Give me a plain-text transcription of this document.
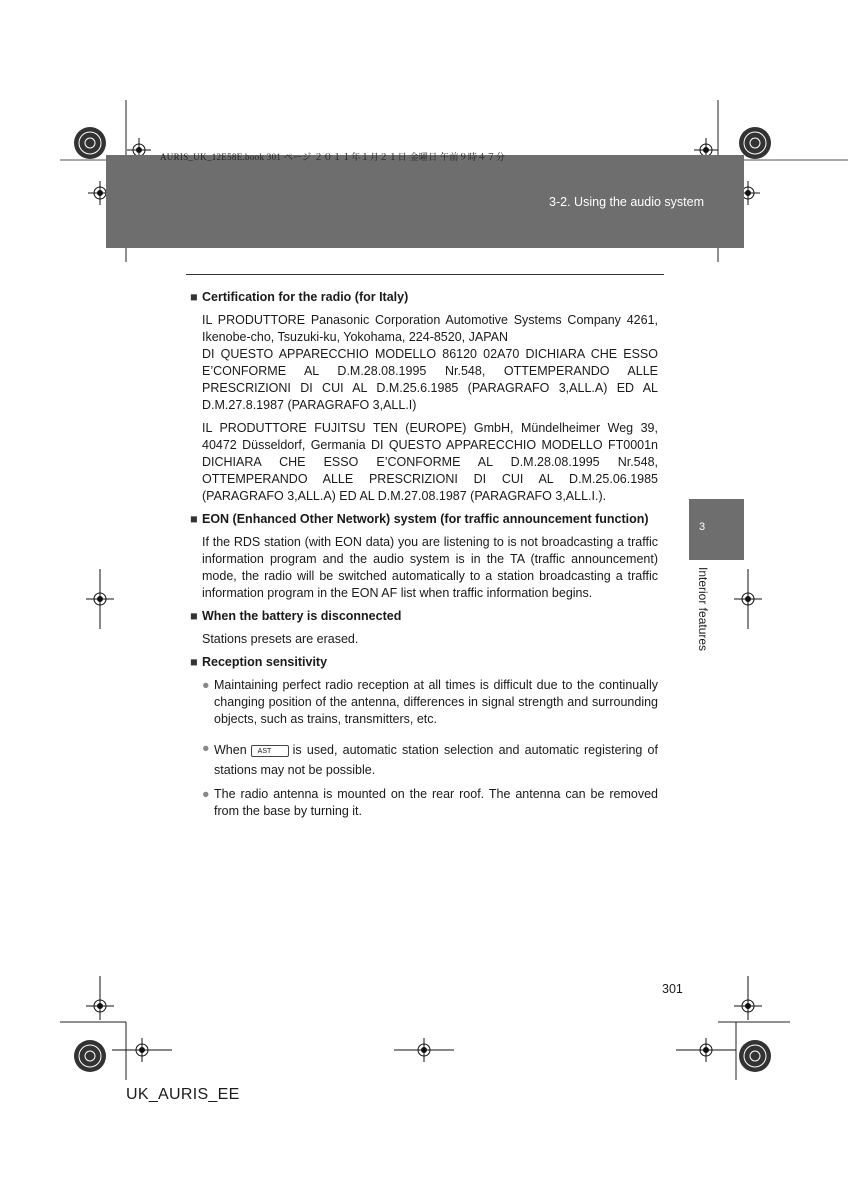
AURIS_UK_12E58E.book 301 ページ ２０１１年１月２１日 金曜日 午前９時４７分
3-2. Using the audio system
3
Interior features
■ Certification for the radio (for Italy)
IL PRODUTTORE Panasonic Corporation Automotive Systems Company 4261, Ikenobe-cho, Tsuzuki-ku, Yokohama, 224-8520, JAPAN
DI QUESTO APPARECCHIO MODELLO 86120 02A70 DICHIARA CHE ESSO E’CONFORME AL D.M.28.08.1995 Nr.548, OTTEMPERANDO ALLE PRESCRIZIONI DI CUI AL D.M.25.6.1985 (PARAGRAFO 3,ALL.A) ED AL D.M.27.8.1987 (PARAGRAFO 3,ALL.I)
IL PRODUTTORE FUJITSU TEN (EUROPE) GmbH, Mündelheimer Weg 39, 40472 Düsseldorf, Germania DI QUESTO APPARECCHIO MODELLO FT0001n DICHIARA CHE ESSO E’CONFORME AL D.M.28.08.1995 Nr.548, OTTEMPERANDO ALLE PRESCRIZIONI DI CUI AL D.M.25.06.1985 (PARAGRAFO 3,ALL.A) ED AL D.M.27.08.1987 (PARAGRAFO 3,ALL.I.).
■ EON (Enhanced Other Network) system (for traffic announcement function)
If the RDS station (with EON data) you are listening to is not broadcasting a traffic information program and the audio system is in the TA (traffic announcement) mode, the radio will be switched automatically to a station broadcasting a traffic information program in the EON AF list when traffic information begins.
■ When the battery is disconnected
Stations presets are erased.
■ Reception sensitivity
● Maintaining perfect radio reception at all times is difficult due to the continually changing position of the antenna, differences in signal strength and surrounding objects, such as trains, transmitters, etc.
● When AST is used, automatic station selection and automatic registering of stations may not be possible.
● The radio antenna is mounted on the rear roof. The antenna can be removed from the base by turning it.
301
UK_AURIS_EE
